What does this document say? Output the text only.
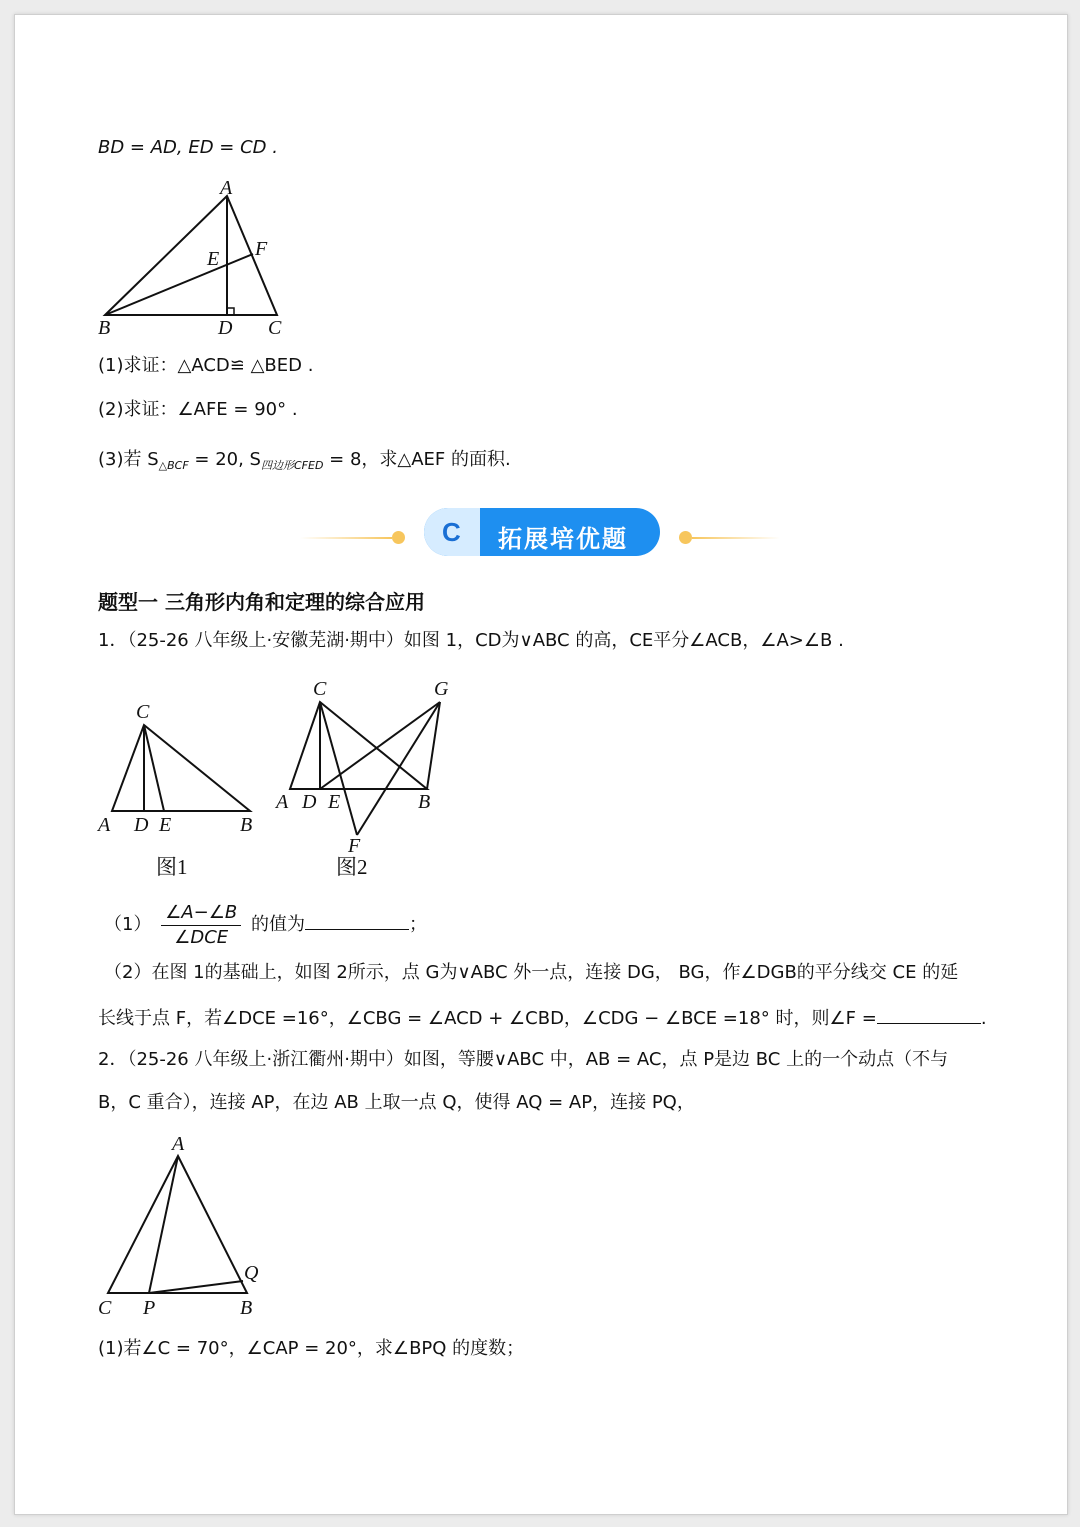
BD = AD, ED = CD .
A
B	C
D
E F
(1)求证：△ACD≌ △BED .
(2)求证：∠AFE = 90° .
(3)若 $S_{\triangle BCF} = 20$, $S_{四边形CFED} = 8$，求△AEF 的面积.
C 拓展培优题
题型一 三角形内角和定理的综合应用
1．（25-26 八年级上·安徽芜湖·期中）如图 1，CD为∨ABC 的高，CE平分∠ACB，∠A>∠B .
C
A D E	B
图1
C	G
A D E	B
F
图2
$(1) \frac{\angle A-\angle B}{\text{∠DCE}}$ 的值为	；
（2）在图 1的基础上，如图 2所示，点 G为∨ABC 外一点，连接 DG， BG，作∠DGB的平分线交 CE 的延
长线于点 F，若∠DCE =16°，∠CBG = ∠ACD + ∠CBD，∠CDG − ∠BCE =18° 时，则∠F =	.
2．（25-26 八年级上·浙江衢州·期中）如图，等腰∨ABC 中，AB = AC，点 P是边 BC 上的一个动点（不与
B，C 重合），连接 AP，在边 AB 上取一点 Q，使得 AQ = AP，连接 PQ，
A
C P	B
Q
(1)若∠C = 70°，∠CAP = 20°，求∠BPQ 的度数；
